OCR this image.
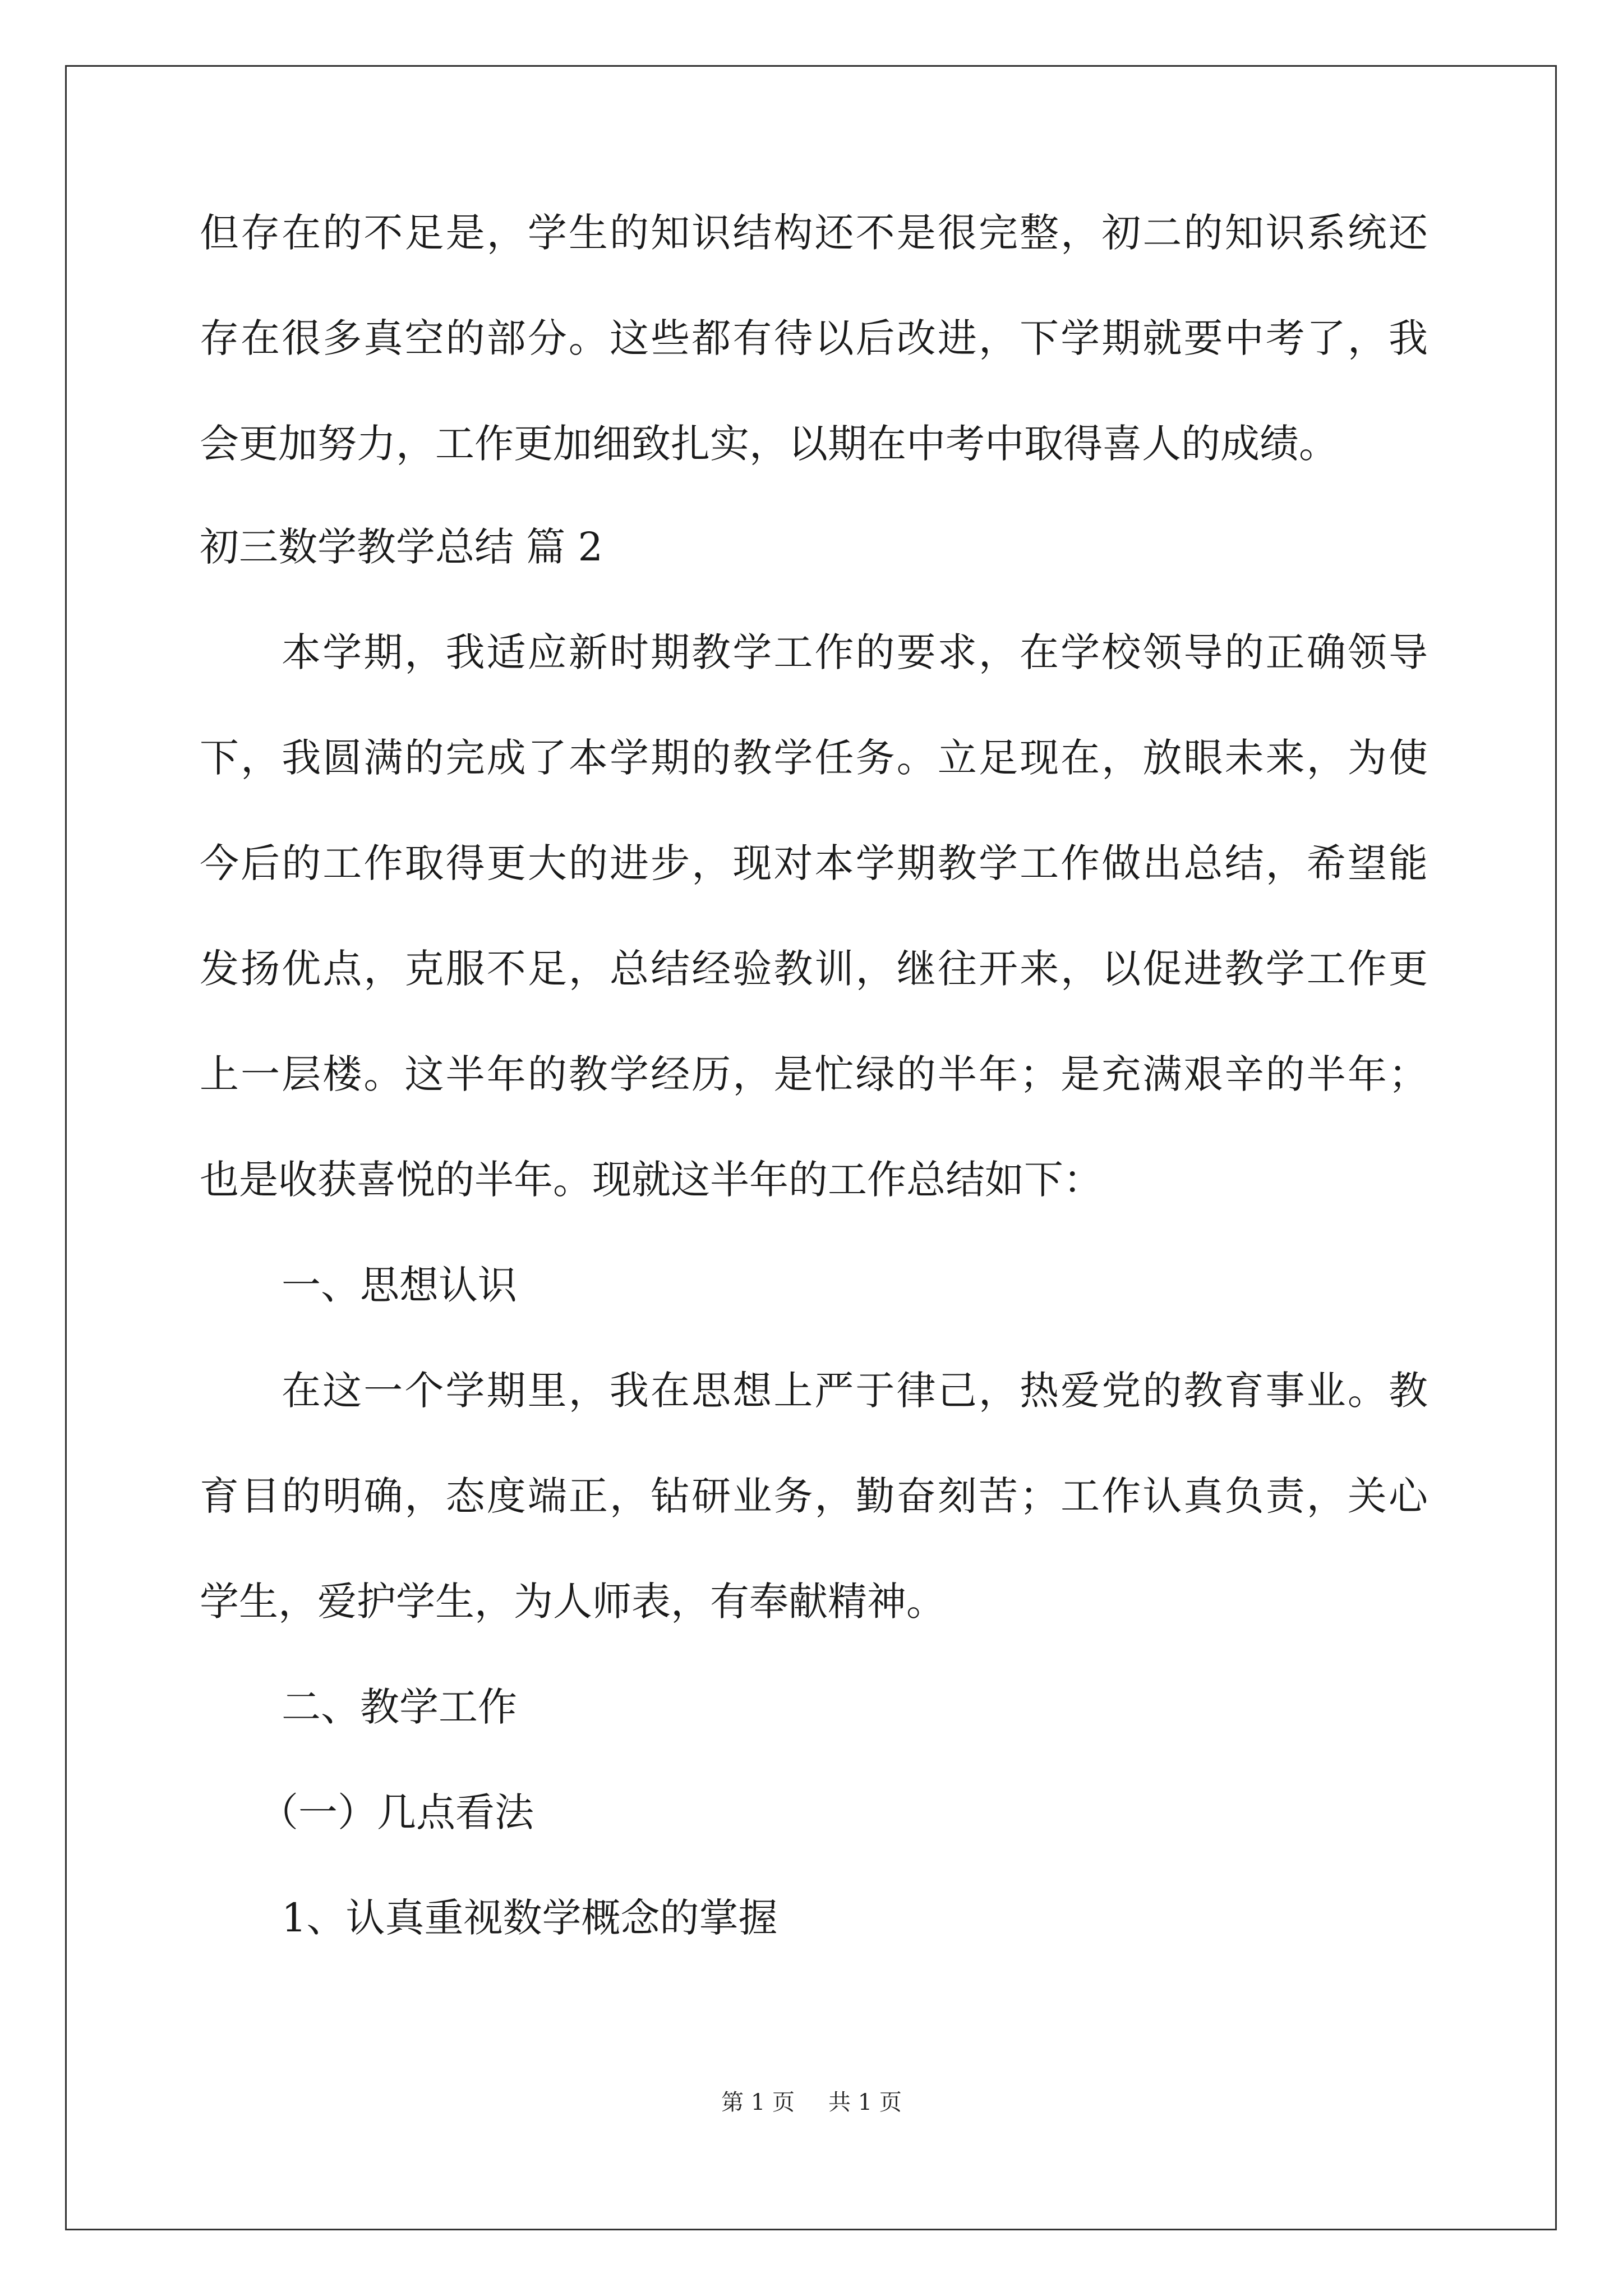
但存在的不足是，学生的知识结构还不是很完整，初二的知识系统还
存在很多真空的部分。这些都有待以后改进，下学期就要中考了，我
会更加努力，工作更加细致扎实，以期在中考中取得喜人的成绩。
初三数学教学总结 篇 2
本学期，我适应新时期教学工作的要求，在学校领导的正确领导
下，我圆满的完成了本学期的教学任务。立足现在，放眼未来，为使
今后的工作取得更大的进步，现对本学期教学工作做出总结，希望能
发扬优点，克服不足，总结经验教训，继往开来，以促进教学工作更
上一层楼。这半年的教学经历，是忙绿的半年；是充满艰辛的半年；
也是收获喜悦的半年。现就这半年的工作总结如下：
一、思想认识
在这一个学期里，我在思想上严于律己，热爱党的教育事业。教
育目的明确，态度端正，钻研业务，勤奋刻苦；工作认真负责，关心
学生，爱护学生，为人师表，有奉献精神。
二、教学工作
（一）几点看法
1、认真重视数学概念的掌握
第 1 页 共 1 页
